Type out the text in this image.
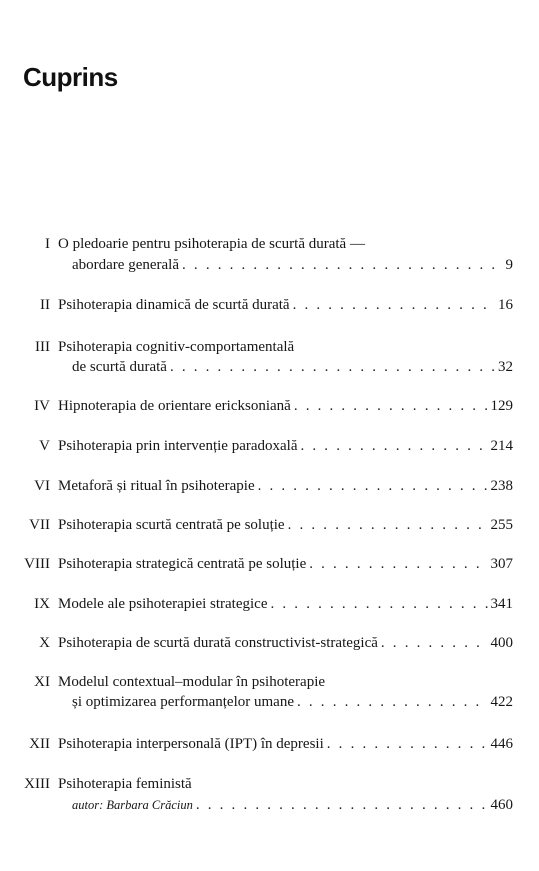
Cuprins
I O pledoarie pentru psihoterapia de scurtă durată —
abordare generală . . .	9
II Psihoterapia dinamică de scurtă durată . . .	16
III Psihoterapia cognitiv-comportamentală
de scurtă durată . . .	32
IV Hipnoterapia de orientare ericksoniană . . .	129
V Psihoterapia prin intervenție paradoxală . . .	214
VI Metaforă și ritual în psihoterapie . . .	238
VII Psihoterapia scurtă centrată pe soluție . . .	255
VIII Psihoterapia strategică centrată pe soluție . . .	307
IX Modele ale psihoterapiei strategice . . .	341
X Psihoterapia de scurtă durată constructivist-strategică . . .	400
XI Modelul contextual–modular în psihoterapie
și optimizarea performanțelor umane . . .	422
XII Psihoterapia interpersonală (IPT) în depresii . . .	446
XIII Psihoterapia feministă
autor: Barbara Crăciun . . .	460
